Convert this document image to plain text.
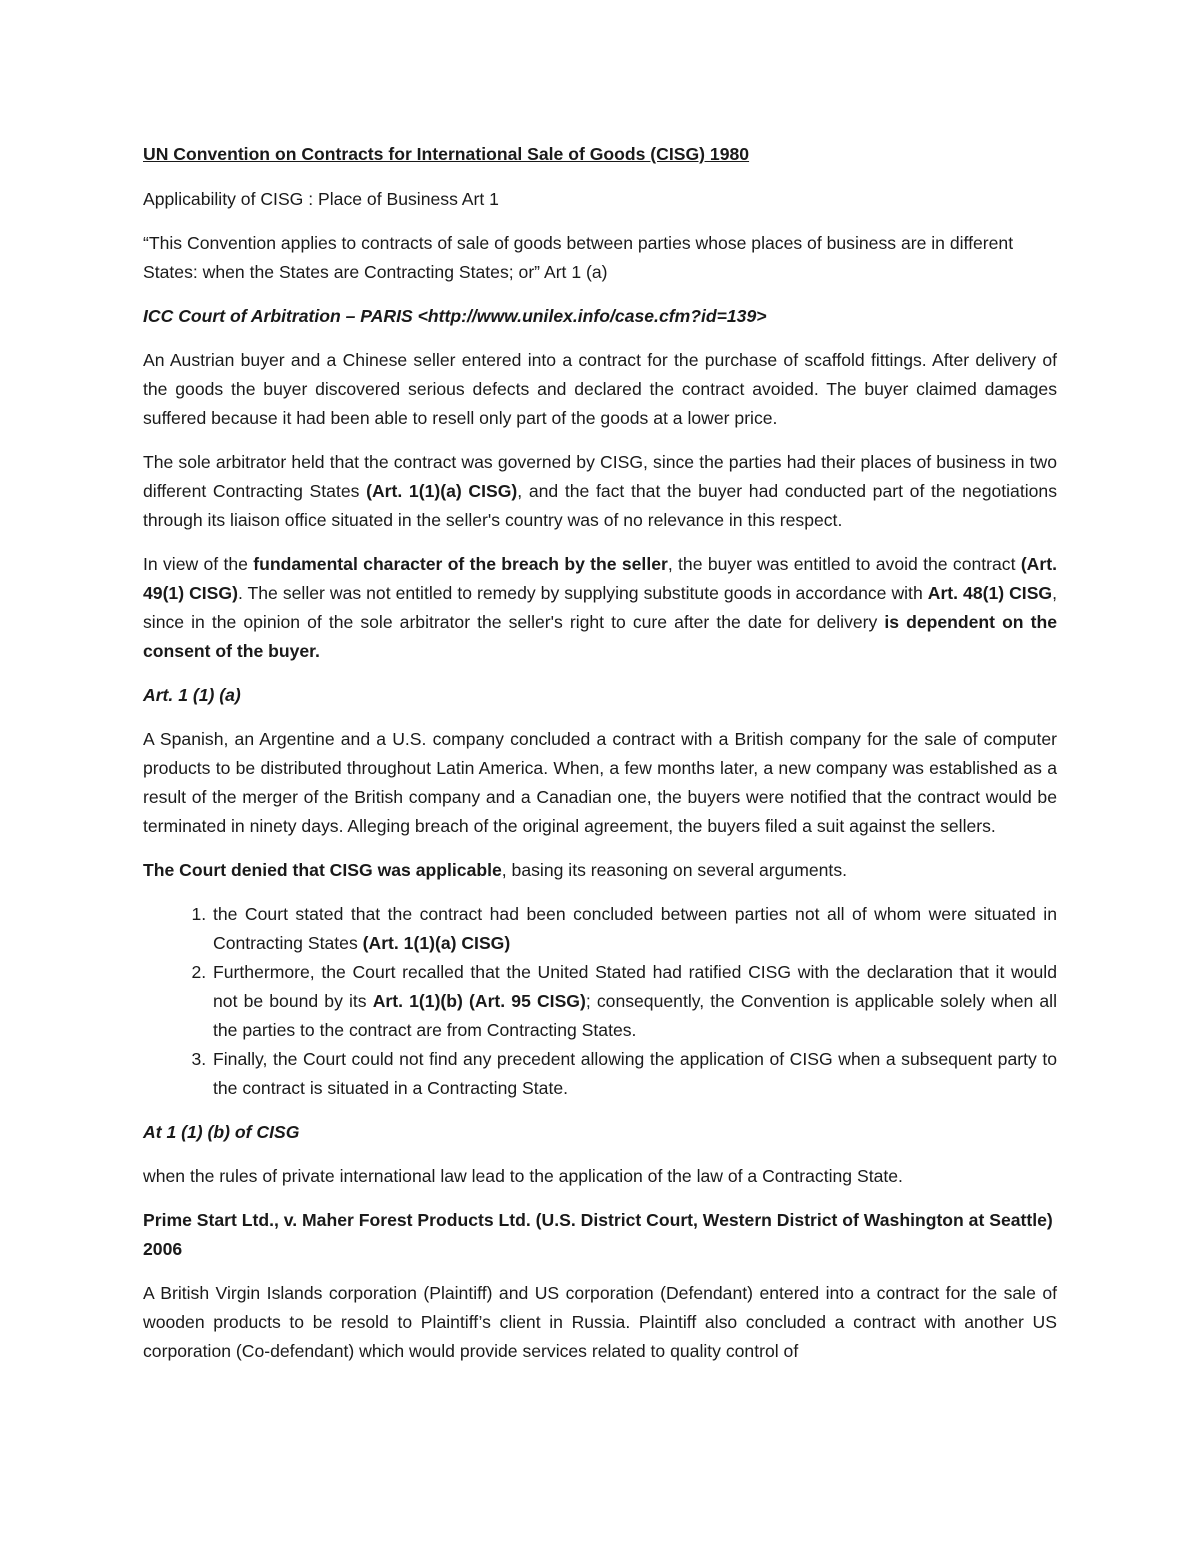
UN Convention on Contracts for International Sale of Goods (CISG) 1980

Applicability of CISG : Place of Business Art 1

“This Convention applies to contracts of sale of goods between parties whose places of business are in different States: when the States are Contracting States; or” Art 1 (a)

ICC Court of Arbitration – PARIS <http://www.unilex.info/case.cfm?id=139>

An Austrian buyer and a Chinese seller entered into a contract for the purchase of scaffold fittings. After delivery of the goods the buyer discovered serious defects and declared the contract avoided. The buyer claimed damages suffered because it had been able to resell only part of the goods at a lower price.

The sole arbitrator held that the contract was governed by CISG, since the parties had their places of business in two different Contracting States (Art. 1(1)(a) CISG), and the fact that the buyer had conducted part of the negotiations through its liaison office situated in the seller's country was of no relevance in this respect.

In view of the fundamental character of the breach by the seller, the buyer was entitled to avoid the contract (Art. 49(1) CISG). The seller was not entitled to remedy by supplying substitute goods in accordance with Art. 48(1) CISG, since in the opinion of the sole arbitrator the seller's right to cure after the date for delivery is dependent on the consent of the buyer.

Art. 1 (1) (a)

A Spanish, an Argentine and a U.S. company concluded a contract with a British company for the sale of computer products to be distributed throughout Latin America. When, a few months later, a new company was established as a result of the merger of the British company and a Canadian one, the buyers were notified that the contract would be terminated in ninety days. Alleging breach of the original agreement, the buyers filed a suit against the sellers.

The Court denied that CISG was applicable, basing its reasoning on several arguments.

1. the Court stated that the contract had been concluded between parties not all of whom were situated in Contracting States (Art. 1(1)(a) CISG)
2. Furthermore, the Court recalled that the United Stated had ratified CISG with the declaration that it would not be bound by its Art. 1(1)(b) (Art. 95 CISG); consequently, the Convention is applicable solely when all the parties to the contract are from Contracting States.
3. Finally, the Court could not find any precedent allowing the application of CISG when a subsequent party to the contract is situated in a Contracting State.

At 1 (1) (b) of CISG

when the rules of private international law lead to the application of the law of a Contracting State.

Prime Start Ltd., v. Maher Forest Products Ltd. (U.S. District Court, Western District of Washington at Seattle) 2006

A British Virgin Islands corporation (Plaintiff) and US corporation (Defendant) entered into a contract for the sale of wooden products to be resold to Plaintiff’s client in Russia. Plaintiff also concluded a contract with another US corporation (Co-defendant) which would provide services related to quality control of
